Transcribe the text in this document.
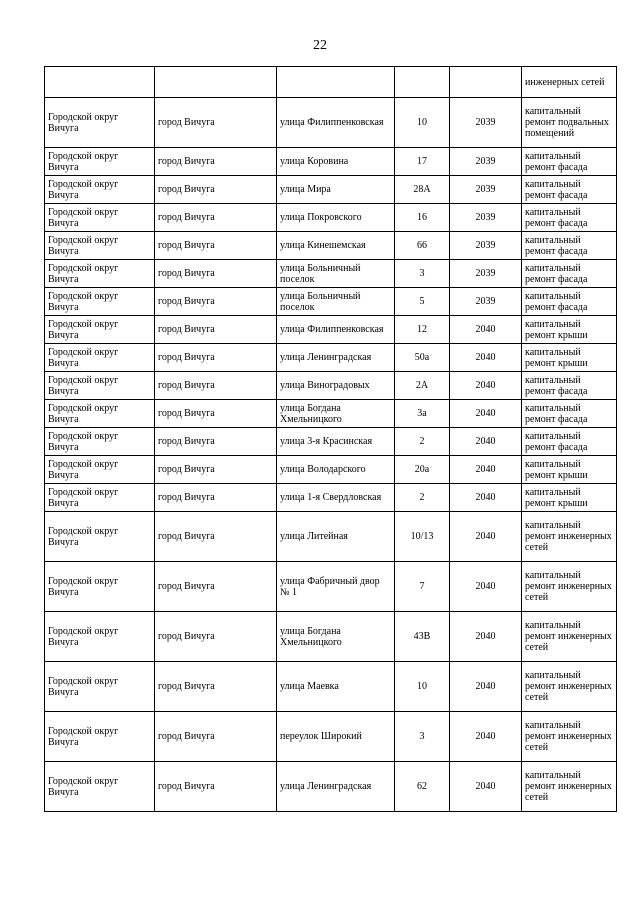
22
					инженерных сетей
Городской округ Вичуга	город Вичуга	улица Филиппенковская	10	2039	капитальный ремонт подвальных помещений
Городской округ Вичуга	город Вичуга	улица Коровина	17	2039	капитальный ремонт фасада
Городской округ Вичуга	город Вичуга	улица Мира	28А	2039	капитальный ремонт фасада
Городской округ Вичуга	город Вичуга	улица Покровского	16	2039	капитальный ремонт фасада
Городской округ Вичуга	город Вичуга	улица Кинешемская	66	2039	капитальный ремонт фасада
Городской округ Вичуга	город Вичуга	улица Больничный поселок	3	2039	капитальный ремонт фасада
Городской округ Вичуга	город Вичуга	улица Больничный поселок	5	2039	капитальный ремонт фасада
Городской округ Вичуга	город Вичуга	улица Филиппенковская	12	2040	капитальный ремонт крыши
Городской округ Вичуга	город Вичуга	улица Ленинградская	50а	2040	капитальный ремонт крыши
Городской округ Вичуга	город Вичуга	улица Виноградовых	2А	2040	капитальный ремонт фасада
Городской округ Вичуга	город Вичуга	улица Богдана Хмельницкого	3а	2040	капитальный ремонт фасада
Городской округ Вичуга	город Вичуга	улица 3-я Красинская	2	2040	капитальный ремонт фасада
Городской округ Вичуга	город Вичуга	улица Володарского	20а	2040	капитальный ремонт крыши
Городской округ Вичуга	город Вичуга	улица 1-я Свердловская	2	2040	капитальный ремонт крыши
Городской округ Вичуга	город Вичуга	улица Литейная	10/13	2040	капитальный ремонт инженерных сетей
Городской округ Вичуга	город Вичуга	улица Фабричный двор № 1	7	2040	капитальный ремонт инженерных сетей
Городской округ Вичуга	город Вичуга	улица Богдана Хмельницкого	43В	2040	капитальный ремонт инженерных сетей
Городской округ Вичуга	город Вичуга	улица Маевка	10	2040	капитальный ремонт инженерных сетей
Городской округ Вичуга	город Вичуга	переулок Широкий	3	2040	капитальный ремонт инженерных сетей
Городской округ Вичуга	город Вичуга	улица Ленинградская	62	2040	капитальный ремонт инженерных сетей
